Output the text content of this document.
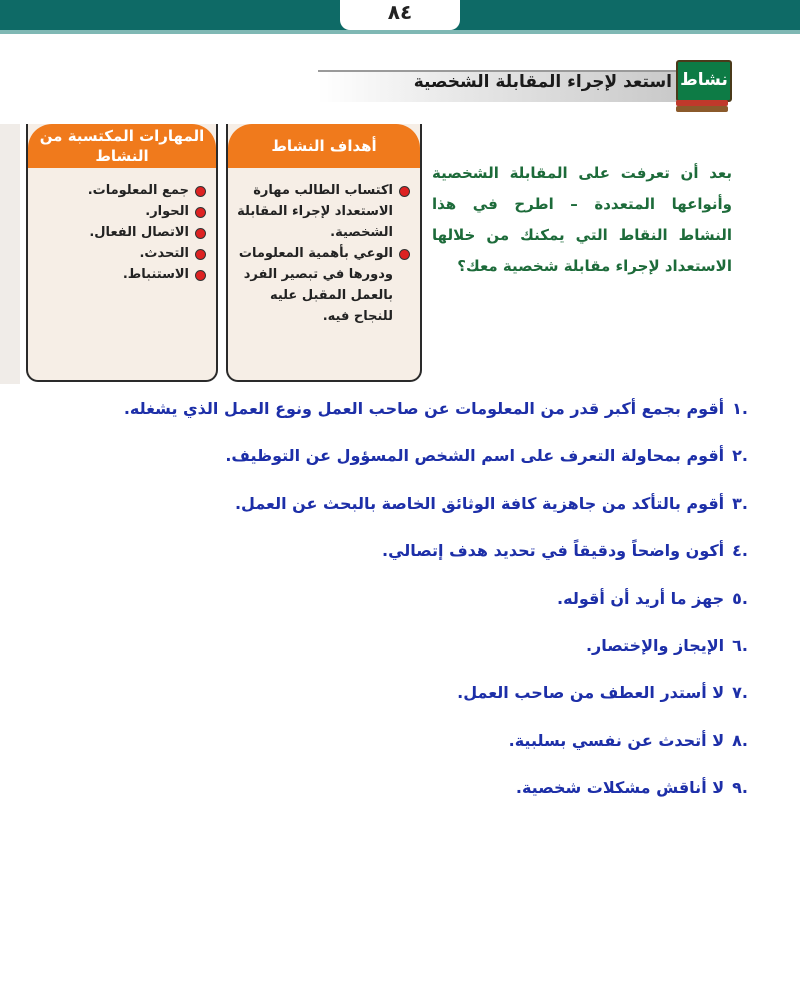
٨٤
استعد لإجراء المقابلة الشخصية نشاط
بعد أن تعرفت على المقابلة الشخصية وأنواعها المتعددة – اطرح في هذا النشاط النقاط التي يمكنك من خلالها الاستعداد لإجراء مقابلة شخصية معك؟
أهداف النشاط
اكتساب الطالب مهارة الاستعداد لإجراء المقابلة الشخصية.
الوعي بأهمية المعلومات ودورها في تبصير الفرد بالعمل المقبل عليه للنجاح فيه.
المهارات المكتسبة من النشاط
جمع المعلومات.
الحوار.
الاتصال الفعال.
التحدث.
الاستنباط.
.١أقوم بجمع أكبر قدر من المعلومات عن صاحب العمل ونوع العمل الذي يشغله.
.٢أقوم بمحاولة التعرف على اسم الشخص المسؤول عن التوظيف.
.٣أقوم بالتأكد من جاهزية كافة الوثائق الخاصة بالبحث عن العمل.
.٤أكون واضحاً ودقيقاً في تحديد هدف إتصالي.
.٥جهز ما أريد أن أقوله.
.٦الإيجاز والإختصار.
.٧لا أستدر العطف من صاحب العمل.
.٨لا أتحدث عن نفسي بسلبية.
.٩لا أناقش مشكلات شخصية.
